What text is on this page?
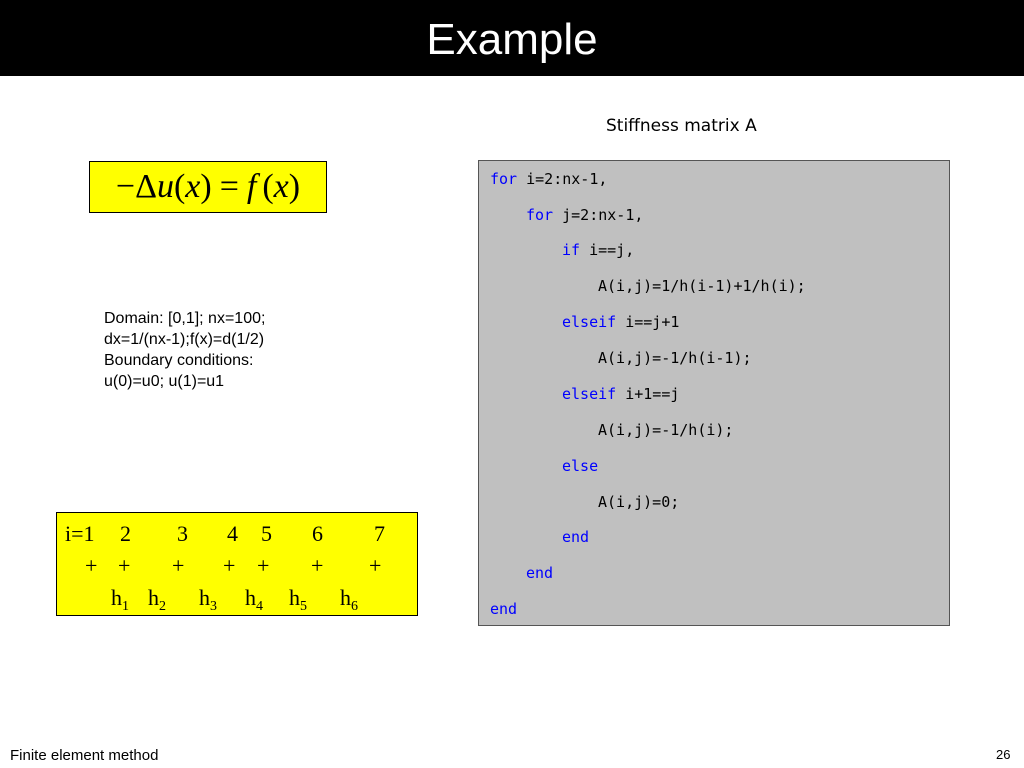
Example
Stiffness matrix A
−Δu(x) = f (x)
Domain: [0,1]; nx=100;
dx=1/(nx-1);f(x)=d(1/2)
Boundary conditions:
u(0)=u0; u(1)=u1
for i=2:nx-1,
for j=2:nx-1,
if i==j,
A(i,j)=1/h(i-1)+1/h(i);
elseif i==j+1
A(i,j)=-1/h(i-1);
elseif i+1==j
A(i,j)=-1/h(i);
else
A(i,j)=0;
end
end
end
i=1 2 3 4 5 6 7
+ + + + + + +
$h_1$ $h_2$ $h_3$ $h_4$ $h_5$ $h_6$
Finite element method	26
